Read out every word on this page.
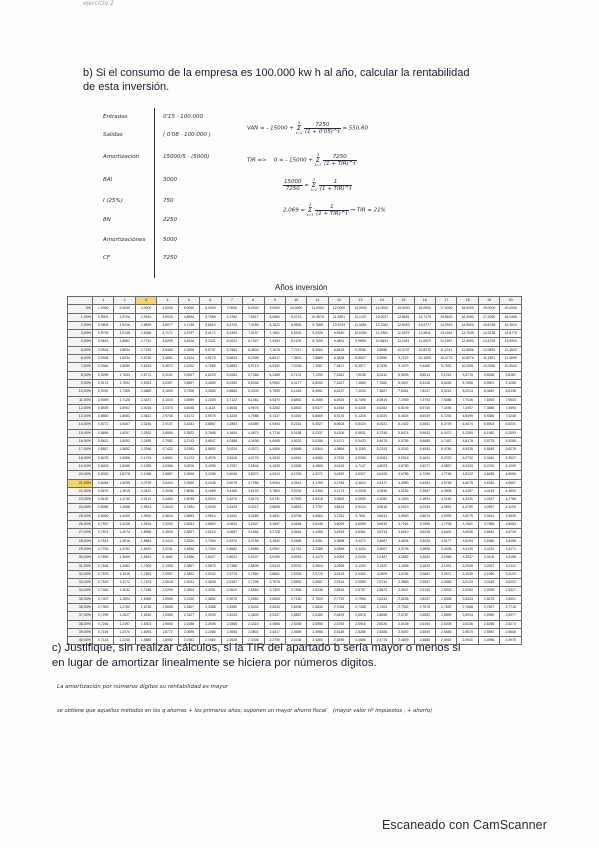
ejercicio 2
b) Si el consumo de la empresa es 100.000 kw h al año, calcular la rentabilidad
de esta inversión.
Entradas	0'15 · 100.000
Salidas	( 0'08 · 100.000 )
Amortización	15000/5 · (5000)
BAI	3000
I (25%)	750
BN	2250
Amortizaciones	5000
CF	7250
VAN = - 15000 +
3
Σ
t=1
$\frac{7250}{(1 + 0'05)\^{}t} = 550,60$
TIR => 0 = - 15000 +
3
Σ
t=1
$\frac{7250}{\text{(1 + TIR)\textasciicircum{}t}}$
$\frac{15000}{7250}$ =
3
Σ
t=1
$\frac{1}{\text{(1 + TIR)\textasciicircum{}t}}$
2,069 =
3
Σ
t=1
$\frac{1}{\text{(1 + TIR)\textasciicircum{}t}}$ → TIR = 21%
Años inversión
	1	2	3	4	5	6	7	8	9	10	11	12	13	14	15	16	17	18	19	20
0%	1,0000	2,0000	3,0000	4,0000	5,0000	6,0000	7,0000	8,0000	9,0000	10,0000	11,0000	12,0000	13,0000	14,0000	15,0000	16,0000	17,0000	18,0000	19,0000	20,0000
1,00%	0,9901	1,9704	2,9410	3,9020	4,8534	5,7955	6,7282	7,6517	8,5660	9,4713	10,3676	11,2551	12,1337	13,0037	13,8651	14,7179	15,5623	16,3983	17,2260	18,0456
2,00%	0,9804	1,9416	2,8839	3,8077	4,7135	5,6014	6,4720	7,3255	8,1622	8,9826	9,7868	10,5753	11,3484	12,1062	12,8493	13,5777	14,2919	14,9920	15,6785	16,3514
3,00%	0,9709	1,9135	2,8286	3,7171	4,5797	5,4172	6,2303	7,0197	7,7861	8,5302	9,2526	9,9540	10,6350	11,2961	11,9379	12,5611	13,1661	13,7535	14,3238	14,8775
4,00%	0,9615	1,8861	2,7751	3,6299	4,4518	5,2421	6,0021	6,7327	7,4353	8,1109	8,7605	9,3851	9,9856	10,5631	11,1184	11,6523	12,1657	12,6593	13,1339	13,5903
5,00%	0,9524	1,8594	2,7232	3,5460	4,3295	5,0757	5,7864	6,4632	7,1078	7,7217	8,3064	8,8633	9,3936	9,8986	10,3797	10,8378	11,2741	11,6896	12,0853	12,4622
6,00%	0,9434	1,8334	2,6730	3,4651	4,2124	4,9173	5,5824	6,2098	6,8017	7,3601	7,8869	8,3838	8,8527	9,2950	9,7122	10,1059	10,4773	10,8276	11,1581	11,4699
7,00%	0,9346	1,8080	2,6243	3,3872	4,1002	4,7665	5,3893	5,9713	6,5152	7,0236	7,4987	7,9427	8,3577	8,7455	9,1079	9,4466	9,7632	10,0591	10,3356	10,5940
8,00%	0,9259	1,7833	2,5771	3,3121	3,9927	4,6229	5,2064	5,7466	6,2469	6,7101	7,1390	7,5361	7,9038	8,2442	8,5595	8,8514	9,1216	9,3719	9,6036	9,8181
9,00%	0,9174	1,7591	2,5313	3,2397	3,8897	4,4859	5,0330	5,5348	5,9952	6,4177	6,8052	7,1607	7,4869	7,7862	8,0607	8,3126	8,5436	8,7556	8,9501	9,1285
10,00%	0,9091	1,7355	2,4869	3,1699	3,7908	4,3553	4,8684	5,3349	5,7590	6,1446	6,4951	6,8137	7,1034	7,3667	7,6061	7,8237	8,0216	8,2014	8,3649	8,5136
11,00%	0,9009	1,7125	2,4437	3,1024	3,6959	4,2305	4,7122	5,1461	5,5370	5,8892	6,2065	6,4924	6,7499	6,9819	7,1909	7,3792	7,5488	7,7016	7,8393	7,9633
12,00%	0,8929	1,6901	2,4018	3,0373	3,6048	4,1114	4,5638	4,9676	5,3282	5,6502	5,9377	6,1944	6,4235	6,6282	6,8109	6,9740	7,1196	7,2497	7,3658	7,4694
13,00%	0,8850	1,6681	2,3612	2,9745	3,5172	3,9975	4,4226	4,7988	5,1317	5,4262	5,6869	5,9176	6,1218	6,3025	6,4624	6,6039	6,7291	6,8399	6,9380	7,0248
14,00%	0,8772	1,6467	2,3216	2,9137	3,4331	3,8887	4,2883	4,6389	4,9464	5,2161	5,4527	5,6603	5,8424	6,0021	6,1422	6,2651	6,3729	6,4674	6,5504	6,6231
15,00%	0,8696	1,6257	2,2832	2,8550	3,3522	3,7845	4,1604	4,4873	4,7716	5,0188	5,2337	5,4206	5,5831	5,7245	5,8474	5,9542	6,0472	6,1280	6,1982	6,2593
16,00%	0,8621	1,6052	2,2459	2,7982	3,2743	3,6847	4,0386	4,3436	4,6065	4,8332	5,0286	5,1971	5,3423	5,4675	5,5755	5,6685	5,7487	5,8178	5,8775	5,9288
17,00%	0,8547	1,5852	2,2096	2,7432	3,1993	3,5892	3,9224	4,2072	4,4506	4,6586	4,8364	4,9884	5,1183	5,2293	5,3242	5,4053	5,4746	5,5339	5,5845	5,6278
18,00%	0,8475	1,5656	2,1743	2,6901	3,1272	3,4976	3,8115	4,0776	4,3030	4,4941	4,6560	4,7932	4,9095	5,0081	5,0916	5,1624	5,2223	5,2732	5,3162	5,3527
19,00%	0,8403	1,5465	2,1399	2,6386	3,0576	3,4098	3,7057	3,9544	4,1633	4,3389	4,4865	4,6105	4,7147	4,8023	4,8759	4,9377	4,9897	5,0333	5,0700	5,1009
20,00%	0,8333	1,5278	2,1065	2,5887	2,9906	3,3255	3,6046	3,8372	4,0310	4,1925	4,3271	4,4392	4,5327	4,6106	4,6755	4,7296	4,7746	4,8122	4,8435	4,8696
21,00%	0,8264	1,5095	2,0739	2,5404	2,9260	3,2446	3,5079	3,7256	3,9054	4,0541	4,1769	4,2784	4,3624	4,4317	4,4890	4,5364	4,5755	4,6079	4,6346	4,6567
22,00%	0,8197	1,4915	2,0422	2,4936	2,8636	3,1669	3,4155	3,6193	3,7863	3,9232	4,0354	4,1274	4,2028	4,2646	4,3152	4,3567	4,3908	4,4187	4,4415	4,4603
23,00%	0,8130	1,4740	2,0114	2,4483	2,8035	3,0923	3,3270	3,5179	3,6731	3,7993	3,9018	3,9852	4,0530	4,1082	4,1530	4,1894	4,2190	4,2431	4,2627	4,2786
24,00%	0,8065	1,4568	1,9813	2,4043	2,7454	3,0205	3,2423	3,4212	3,5655	3,6819	3,7757	3,8514	3,9124	3,9616	4,0013	4,0333	4,0591	4,0799	4,0967	4,1103
25,00%	0,8000	1,4400	1,9520	2,3616	2,6893	2,9514	3,1611	3,3289	3,4631	3,5705	3,6564	3,7251	3,7801	3,8241	3,8593	3,8874	3,9099	3,9279	3,9424	3,9539
26,00%	0,7937	1,4235	1,9234	2,3202	2,6351	2,8850	3,0833	3,2407	3,3657	3,4648	3,5435	3,6059	3,6555	3,6949	3,7261	3,7509	3,7705	3,7861	3,7985	3,8083
27,00%	0,7874	1,4074	1,8956	2,2800	2,5827	2,8210	3,0087	3,1564	3,2728	3,3644	3,4365	3,4933	3,5381	3,5733	3,6010	3,6228	3,6400	3,6536	3,6642	3,6726
28,00%	0,7813	1,3916	1,8684	2,2410	2,5320	2,7594	2,9370	3,0758	3,1842	3,2689	3,3351	3,3868	3,4272	3,4587	3,4834	3,5026	3,5177	3,5294	3,5386	3,5458
29,00%	0,7752	1,3761	1,8420	2,2031	2,4830	2,7000	2,8682	2,9986	3,0997	3,1781	3,2388	3,2859	3,3224	3,3507	3,3726	3,3896	3,4028	3,4130	3,4210	3,4271
30,00%	0,7692	1,3609	1,8161	2,1662	2,4356	2,6427	2,8021	2,9247	3,0190	3,0915	3,1473	3,1903	3,2233	3,2487	3,2682	3,2832	3,2948	3,3037	3,3105	3,3158
31,00%	0,7634	1,3461	1,7909	2,1305	2,3897	2,5875	2,7386	2,8539	2,9419	3,0091	3,0604	3,0995	3,1294	3,1522	3,1696	3,1829	3,1931	3,2008	3,2067	3,2112
32,00%	0,7576	1,3315	1,7663	2,0957	2,3452	2,5342	2,6775	2,7860	2,8681	2,9304	2,9776	3,0133	3,0404	3,0609	3,0764	3,0882	3,0971	3,1039	3,1090	3,1129
33,00%	0,7519	1,3172	1,7423	2,0618	2,3021	2,4828	2,6187	2,7208	2,7976	2,8553	2,8987	2,9314	2,9559	2,9744	2,9883	2,9987	3,0065	3,0124	3,0169	3,0202
34,00%	0,7463	1,3032	1,7188	2,0290	2,2604	2,4331	2,5620	2,6582	2,7300	2,7836	2,8236	2,8534	2,8757	2,8923	2,9047	2,9140	2,9209	2,9260	2,9299	2,9327
35,00%	0,7407	1,2894	1,6959	1,9969	2,2200	2,3852	2,5075	2,5982	2,6653	2,7150	2,7519	2,7792	2,7994	2,8144	2,8255	2,8337	2,8398	2,8443	2,8476	2,8501
36,00%	0,7353	1,2760	1,6735	1,9658	2,1807	2,3388	2,4550	2,5404	2,6033	2,6495	2,6834	2,7084	2,7268	2,7403	2,7502	2,7575	2,7629	2,7668	2,7697	2,7718
37,00%	0,7299	1,2627	1,6516	1,9355	2,1427	2,2939	2,4043	2,4849	2,5437	2,5867	2,6180	2,6409	2,6576	2,6698	2,6787	2,6852	2,6899	2,6934	2,6959	2,6977
38,00%	0,7246	1,2497	1,6302	1,9060	2,1058	2,2506	2,3555	2,4315	2,4866	2,5265	2,5555	2,5764	2,5916	2,6026	2,6106	2,6164	2,6206	2,6236	2,6258	2,6274
39,00%	0,7194	1,2370	1,6093	1,8772	2,0699	2,2086	2,3083	2,3801	2,4317	2,4689	2,4956	2,5148	2,5286	2,5386	2,5457	2,5509	2,5546	2,5573	2,5592	2,5606
40,00%	0,7143	1,2245	1,5889	1,8492	2,0352	2,1680	2,2628	2,3306	2,3790	2,4136	2,4383	2,4559	2,4685	2,4775	2,4839	2,4885	2,4918	2,4941	2,4958	2,4970
c) Justifique, sin realizar cálculos, si la TIR del apartado b sería mayor o menos si
en lugar de amortizar linealmente se hiciera por números digitos.
La amortización por números dígitos su rentabilidad es mayor
se obtiene que aquellos métodos en los q ahorras + los primeros años, suponen un mayor ahorro fiscal (mayor valor nº impuestos , + ahorro)
Escaneado con CamScanner
